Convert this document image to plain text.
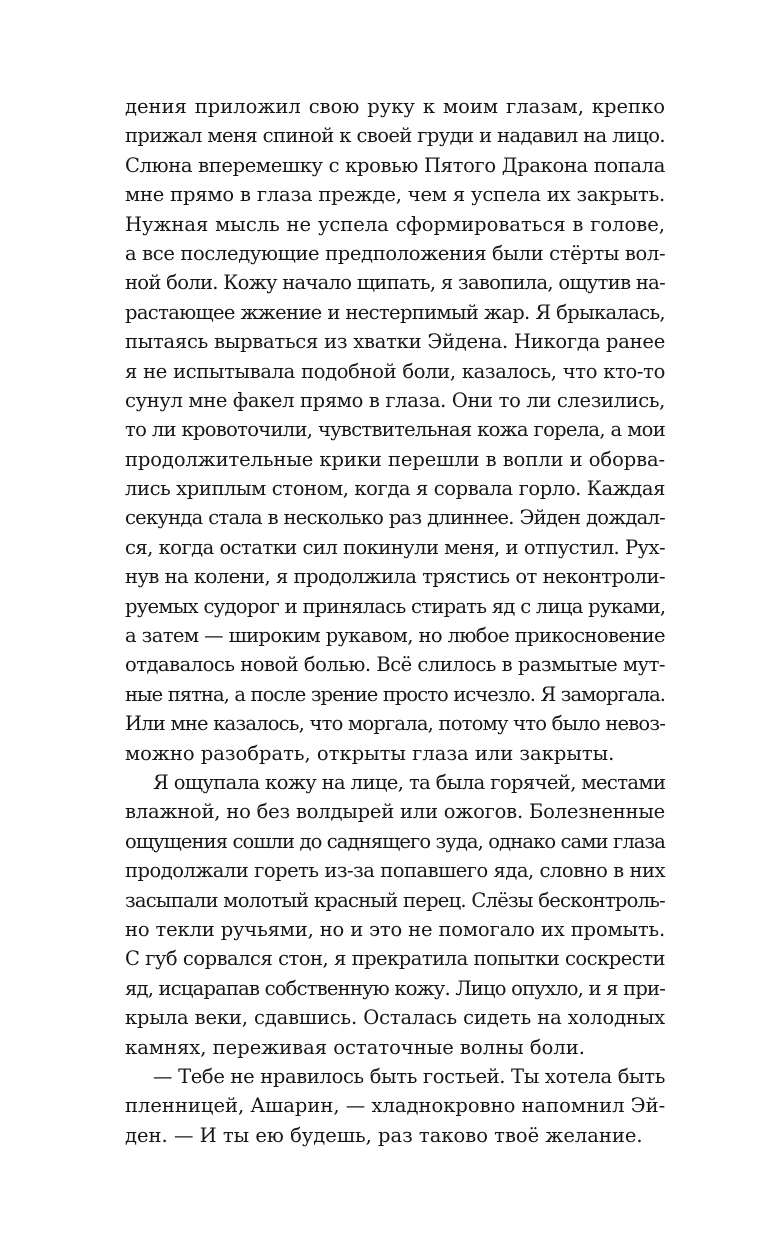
дения приложил свою руку к моим глазам, крепко
прижал меня спиной к своей груди и надавил на лицо.
Слюна вперемешку с кровью Пятого Дракона попала
мне прямо в глаза прежде, чем я успела их закрыть.
Нужная мысль не успела сформироваться в голове,
а все последующие предположения были стёрты вол-
ной боли. Кожу начало щипать, я завопила, ощутив на-
растающее жжение и нестерпимый жар. Я брыкалась,
пытаясь вырваться из хватки Эйдена. Никогда ранее
я не испытывала подобной боли, казалось, что кто-то
сунул мне факел прямо в глаза. Они то ли слезились,
то ли кровоточили, чувствительная кожа горела, а мои
продолжительные крики перешли в вопли и оборва-
лись хриплым стоном, когда я сорвала горло. Каждая
секунда стала в несколько раз длиннее. Эйден дождал-
ся, когда остатки сил покинули меня, и отпустил. Рух-
нув на колени, я продолжила трястись от неконтроли-
руемых судорог и принялась стирать яд с лица руками,
а затем — широким рукавом, но любое прикосновение
отдавалось новой болью. Всё слилось в размытые мут-
ные пятна, а после зрение просто исчезло. Я заморгала.
Или мне казалось, что моргала, потому что было невоз-
можно разобрать, открыты глаза или закрыты.
Я ощупала кожу на лице, та была горячей, местами
влажной, но без волдырей или ожогов. Болезненные
ощущения сошли до саднящего зуда, однако сами глаза
продолжали гореть из-за попавшего яда, словно в них
засыпали молотый красный перец. Слёзы бесконтроль-
но текли ручьями, но и это не помогало их промыть.
С губ сорвался стон, я прекратила попытки соскрести
яд, исцарапав собственную кожу. Лицо опухло, и я при-
крыла веки, сдавшись. Осталась сидеть на холодных
камнях, переживая остаточные волны боли.
— Тебе не нравилось быть гостьей. Ты хотела быть
пленницей, Ашарин, — хладнокровно напомнил Эй-
ден. — И ты ею будешь, раз таково твоё желание.
